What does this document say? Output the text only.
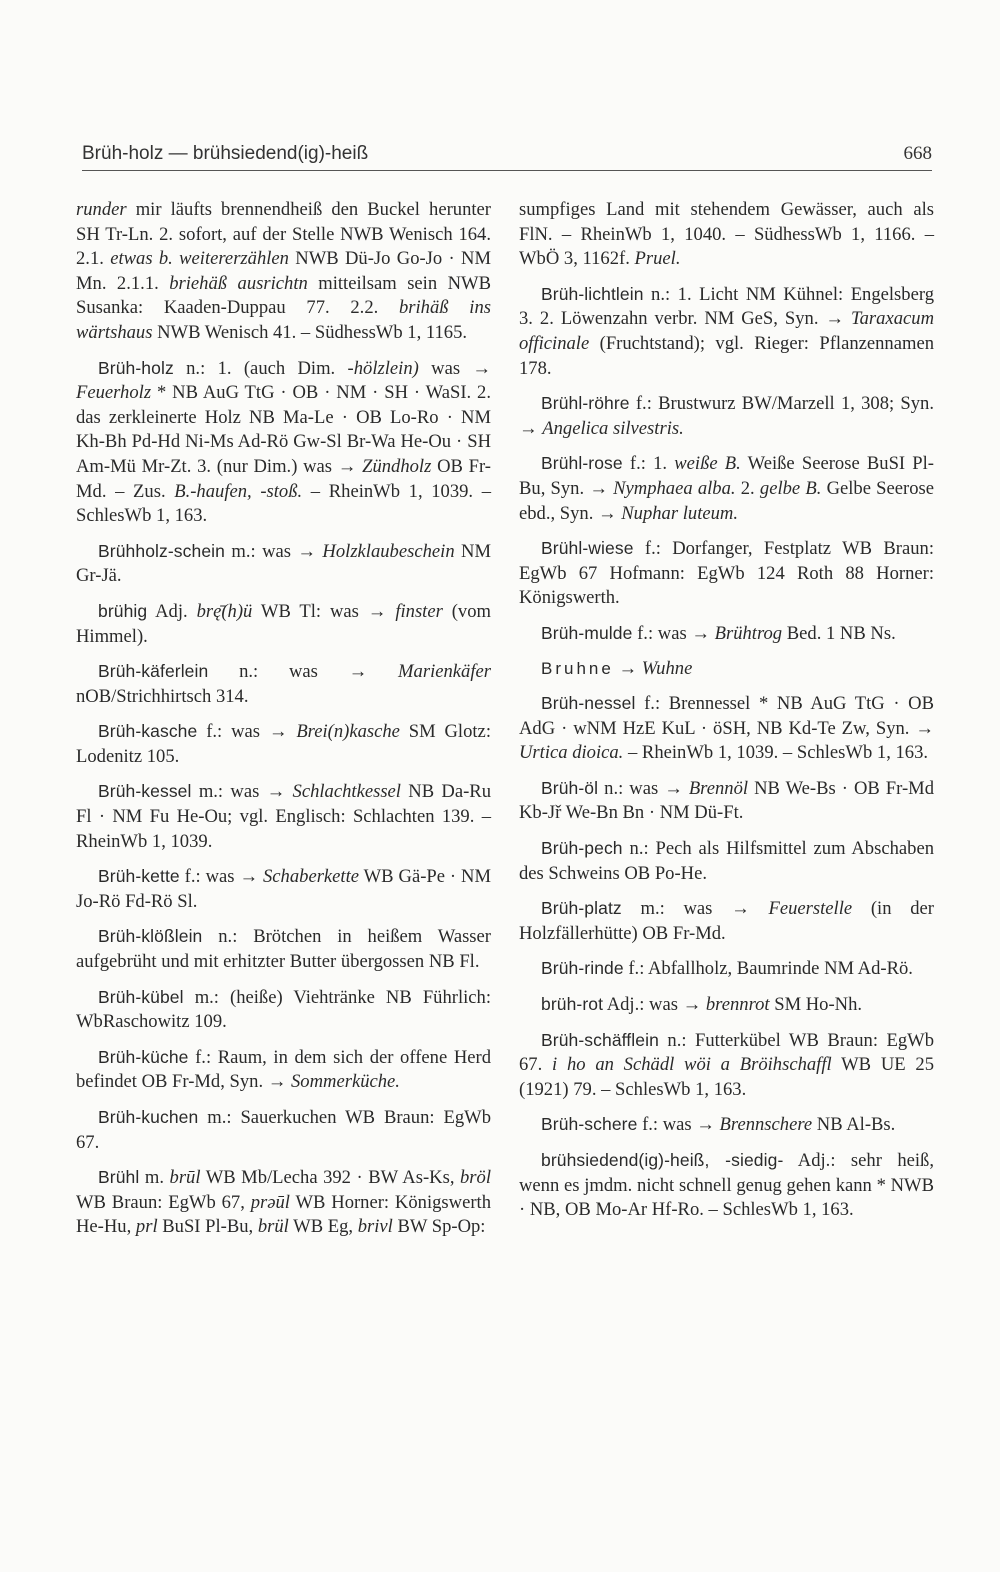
Brüh-holz — brühsiedend(ig)-heiß	668

runder mir läufts brennendheiß den Buckel herunter SH Tr-Ln. 2. sofort, auf der Stelle NWB Wenisch 164. 2.1. etwas b. weitererzählen NWB Dü-Jo Go-Jo · NM Mn. 2.1.1. briehäß ausrichtn mitteilsam sein NWB Susanka: Kaaden-Duppau 77. 2.2. brihäß ins wärtshaus NWB Wenisch 41. – SüdhessWb 1, 1165.

Brüh-holz n.: 1. (auch Dim. -hölzlein) was → Feuerholz * NB AuG TtG · OB · NM · SH · WaSI. 2. das zerkleinerte Holz NB Ma-Le · OB Lo-Ro · NM Kh-Bh Pd-Hd Ni-Ms Ad-Rö Gw-Sl Br-Wa He-Ou · SH Am-Mü Mr-Zt. 3. (nur Dim.) was → Zündholz OB Fr-Md. – Zus. B.-haufen, -stoß. – RheinWb 1, 1039. – SchlesWb 1, 163.

Brühholz-schein m.: was → Holzklaubeschein NM Gr-Jä.

brühig Adj. brę̄(h)ü WB Tl: was → finster (vom Himmel).

Brüh-käferlein n.: was → Marienkäfer nOB/Strichhirtsch 314.

Brüh-kasche f.: was → Brei(n)kasche SM Glotz: Lodenitz 105.

Brüh-kessel m.: was → Schlachtkessel NB Da-Ru Fl · NM Fu He-Ou; vgl. Englisch: Schlachten 139. – RheinWb 1, 1039.

Brüh-kette f.: was → Schaberkette WB Gä-Pe · NM Jo-Rö Fd-Rö Sl.

Brüh-klößlein n.: Brötchen in heißem Wasser aufgebrüht und mit erhitzter Butter übergossen NB Fl.

Brüh-kübel m.: (heiße) Viehtränke NB Führlich: WbRaschowitz 109.

Brüh-küche f.: Raum, in dem sich der offene Herd befindet OB Fr-Md, Syn. → Sommerküche.

Brüh-kuchen m.: Sauerkuchen WB Braun: EgWb 67.

Brühl m. brūl WB Mb/Lecha 392 · BW As-Ks, bröl WB Braun: EgWb 67, prǝūl WB Horner: Königswerth He-Hu, prl BuSI Pl-Bu, brül WB Eg, brivl BW Sp-Op:

sumpfiges Land mit stehendem Gewässer, auch als FlN. – RheinWb 1, 1040. – SüdhessWb 1, 1166. – WbÖ 3, 1162f. Pruel.

Brüh-lichtlein n.: 1. Licht NM Kühnel: Engelsberg 3. 2. Löwenzahn verbr. NM GeS, Syn. → Taraxacum officinale (Fruchtstand); vgl. Rieger: Pflanzennamen 178.

Brühl-röhre f.: Brustwurz BW/Marzell 1, 308; Syn. → Angelica silvestris.

Brühl-rose f.: 1. weiße B. Weiße Seerose BuSI Pl-Bu, Syn. → Nymphaea alba. 2. gelbe B. Gelbe Seerose ebd., Syn. → Nuphar luteum.

Brühl-wiese f.: Dorfanger, Festplatz WB Braun: EgWb 67 Hofmann: EgWb 124 Roth 88 Horner: Königswerth.

Brüh-mulde f.: was → Brühtrog Bed. 1 NB Ns.

Bruhne → Wuhne

Brüh-nessel f.: Brennessel * NB AuG TtG · OB AdG · wNM HzE KuL · öSH, NB Kd-Te Zw, Syn. → Urtica dioica. – RheinWb 1, 1039. – SchlesWb 1, 163.

Brüh-öl n.: was → Brennöl NB We-Bs · OB Fr-Md Kb-Jř We-Bn Bn · NM Dü-Ft.

Brüh-pech n.: Pech als Hilfsmittel zum Abschaben des Schweins OB Po-He.

Brüh-platz m.: was → Feuerstelle (in der Holzfällerhütte) OB Fr-Md.

Brüh-rinde f.: Abfallholz, Baumrinde NM Ad-Rö.

brüh-rot Adj.: was → brennrot SM Ho-Nh.

Brüh-schäfflein n.: Futterkübel WB Braun: EgWb 67. i ho an Schädl wöi a Bröihschaffl WB UE 25 (1921) 79. – SchlesWb 1, 163.

Brüh-schere f.: was → Brennschere NB Al-Bs.

brühsiedend(ig)-heiß, -siedig- Adj.: sehr heiß, wenn es jmdm. nicht schnell genug gehen kann * NWB · NB, OB Mo-Ar Hf-Ro. – SchlesWb 1, 163.
